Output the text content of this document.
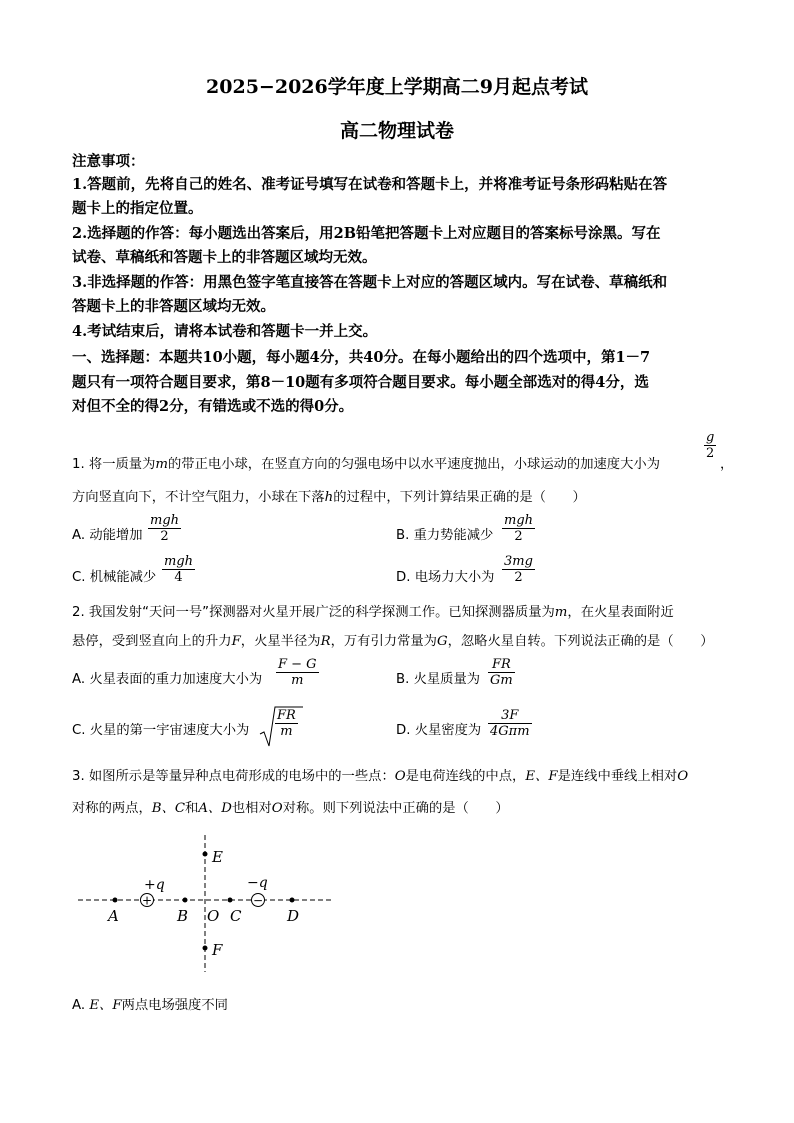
2025−2026学年度上学期高二9月起点考试
高二物理试卷
注意事项：
1.答题前，先将自己的姓名、准考证号填写在试卷和答题卡上，并将准考证号条形码粘贴在答
题卡上的指定位置。
2.选择题的作答：每小题选出答案后，用2B铅笔把答题卡上对应题目的答案标号涂黑。写在
试卷、草稿纸和答题卡上的非答题区域均无效。
3.非选择题的作答：用黑色签字笔直接答在答题卡上对应的答题区域内。写在试卷、草稿纸和
答题卡上的非答题区域均无效。
4.考试结束后，请将本试卷和答题卡一并上交。
一、选择题：本题共10小题，每小题4分，共40分。在每小题给出的四个选项中，第1－7
题只有一项符合题目要求，第8－10题有多项符合题目要求。每小题全部选对的得4分，选
对但不全的得2分，有错选或不选的得0分。
1. 将一质量为m的带正电小球，在竖直方向的匀强电场中以水平速度抛出，小球运动的加速度大小为
$\frac{g}{2}$
，
方向竖直向下，不计空气阻力，小球在下落h的过程中，下列计算结果正确的是（　　）
A. 动能增加
mgh
2	B. 重力势能减少
mgh
2
C. 机械能减少
mgh
4	D. 电场力大小为 $\frac{3mg}{2}$
2. 我国发射“天问一号”探测器对火星开展广泛的科学探测工作。已知探测器质量为m，在火星表面附近
悬停，受到竖直向上的升力F，火星半径为R，万有引力常量为G，忽略火星自转。下列说法正确的是（　　）
A. 火星表面的重力加速度大小为 $\frac{F - G}{m}$	B. 火星质量为 $\frac{FR}{Gm}$
C. 火星的第一宇宙速度大小为 $\frac{FR}{m}$	D. 火星密度为
3F
4Gπm
3. 如图所示是等量异种点电荷形成的电场中的一些点：O是电荷连线的中点，E、F是连线中垂线上相对O
对称的两点，B、C和A、D也相对O对称。则下列说法中正确的是（　　）
+	−
+q	−q
A	B O C	D
E
F
A. E、F两点电场强度不同
